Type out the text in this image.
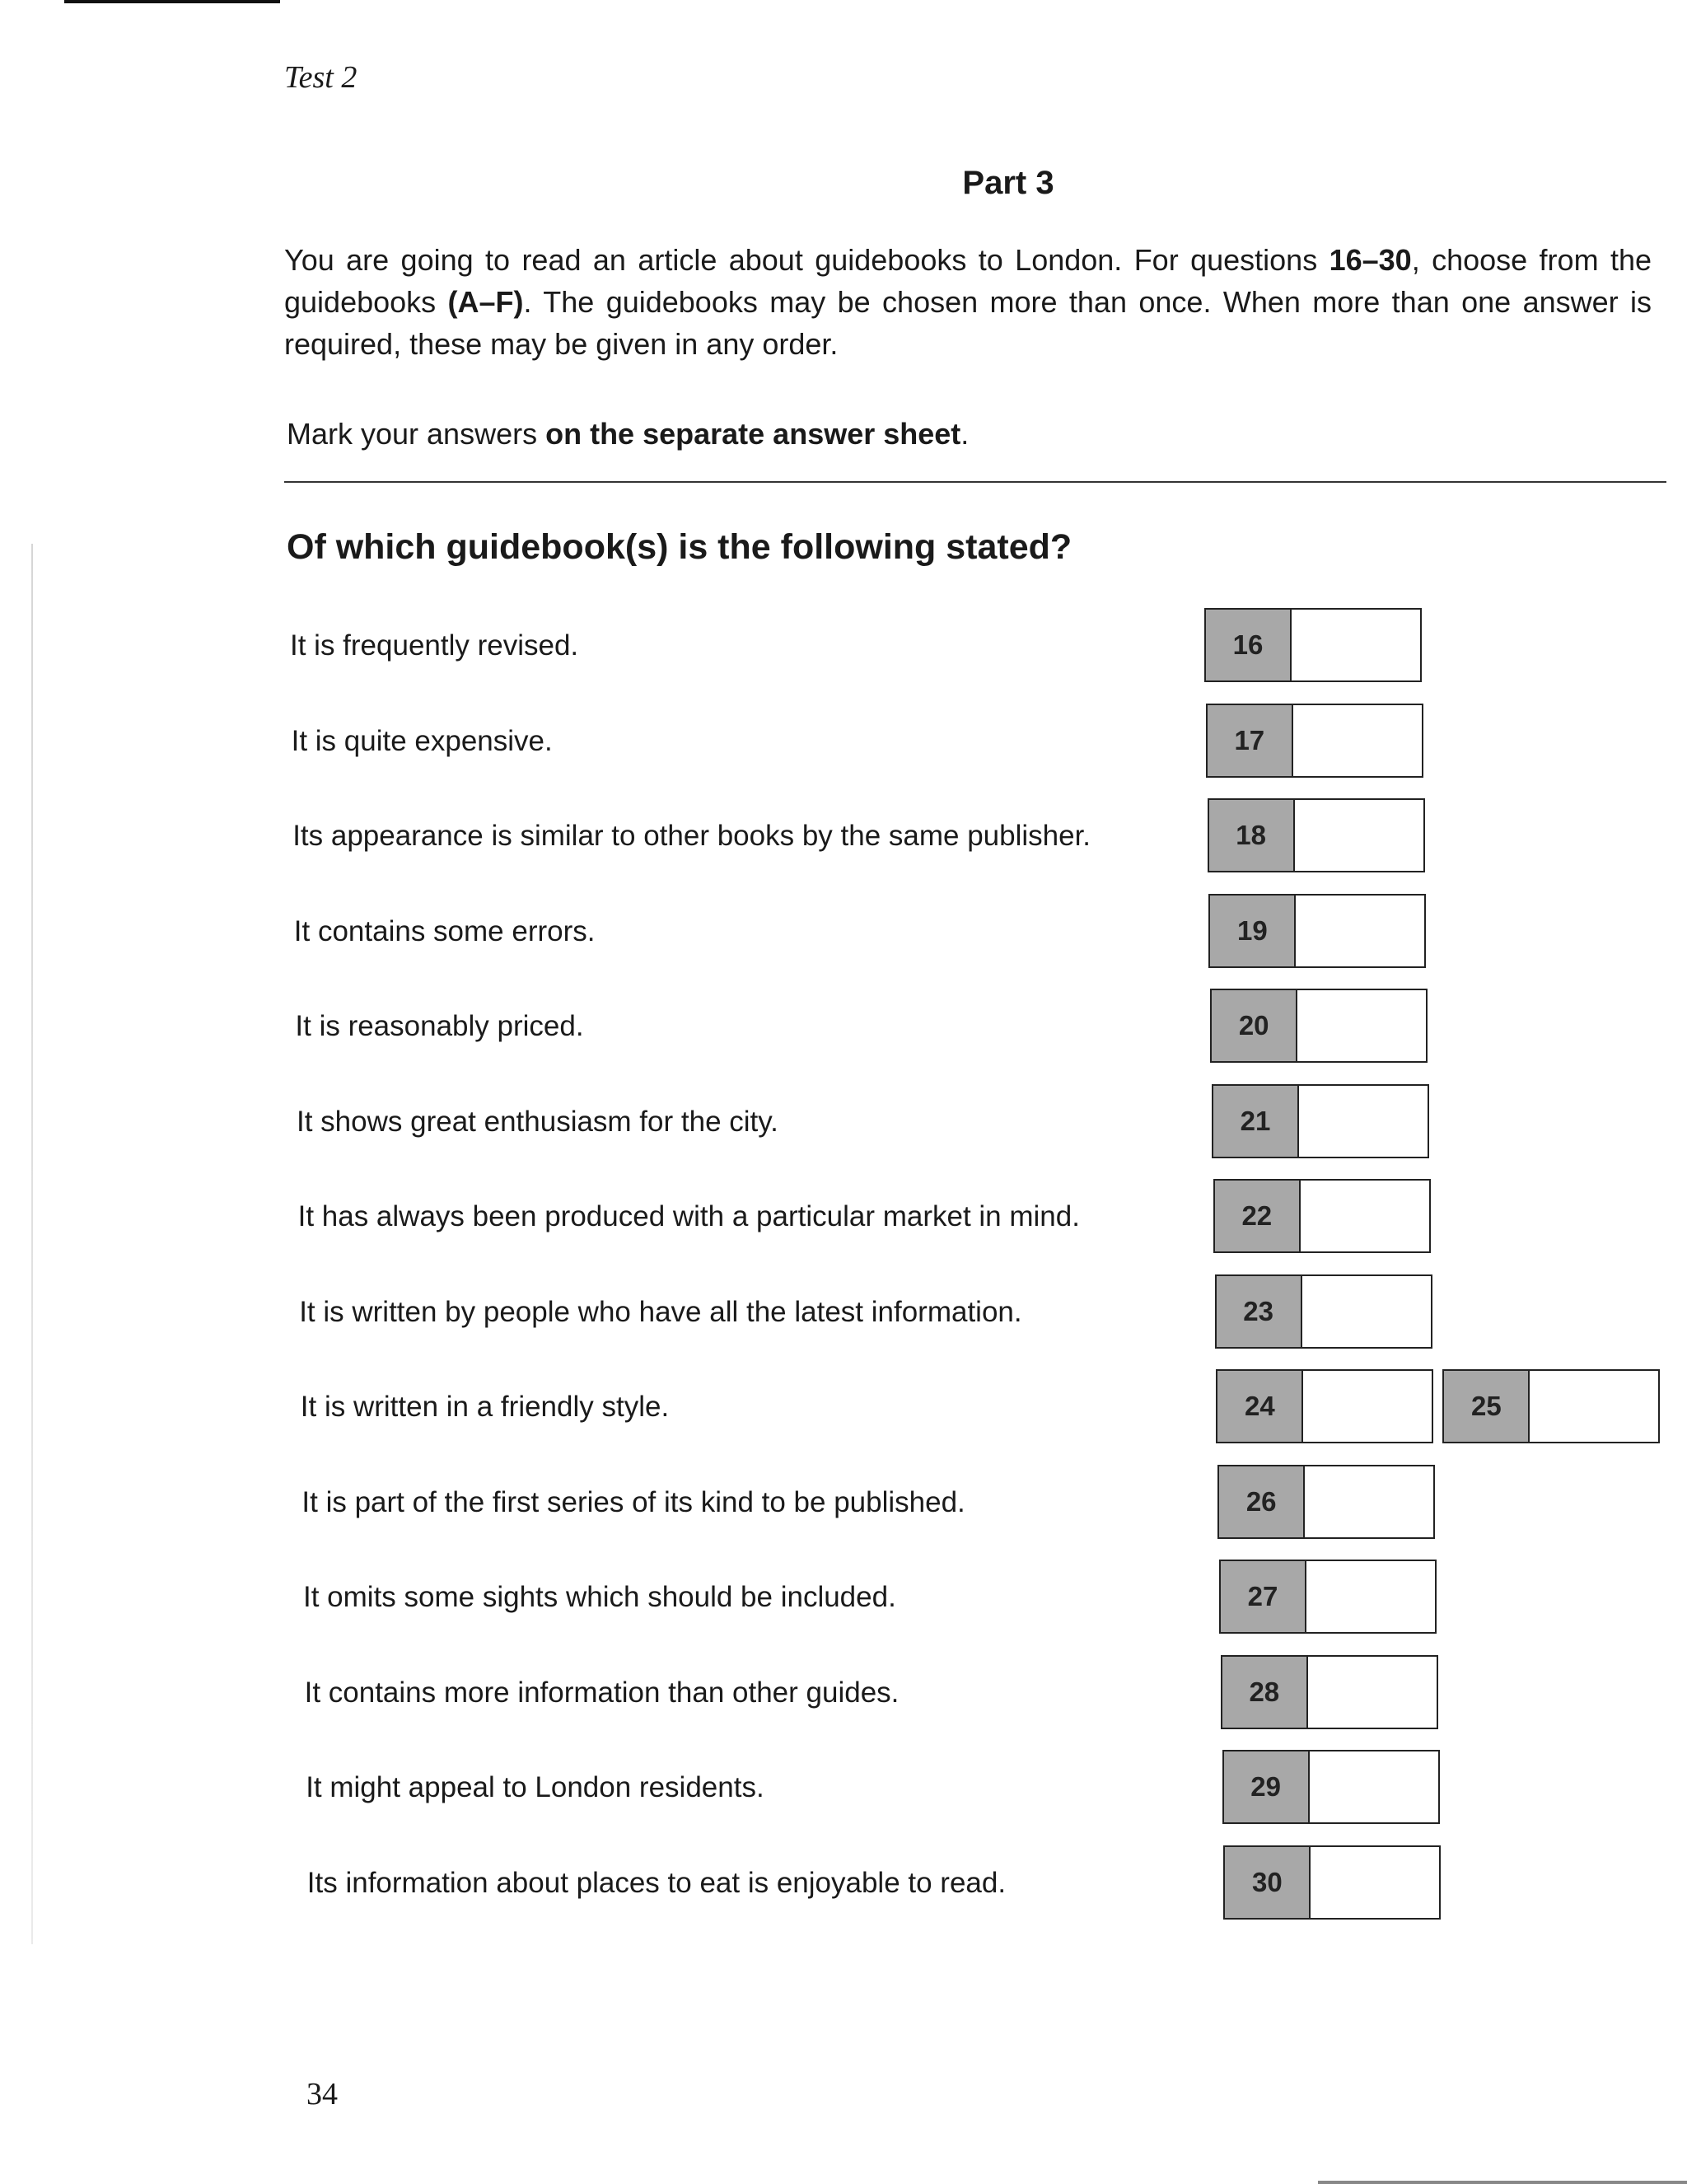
Test 2
Part 3
You are going to read an article about guidebooks to London. For questions 16–30, choose from the guidebooks (A–F). The guidebooks may be chosen more than once. When more than one answer is required, these may be given in any order.
Mark your answers on the separate answer sheet.
Of which guidebook(s) is the following stated?
It is frequently revised.	16
It is quite expensive.	17
Its appearance is similar to other books by the same publisher.	18
It contains some errors.	19
It is reasonably priced.	20
It shows great enthusiasm for the city.	21
It has always been produced with a particular market in mind.	22
It is written by people who have all the latest information.	23
It is written in a friendly style.	24	25
It is part of the first series of its kind to be published.	26
It omits some sights which should be included.	27
It contains more information than other guides.	28
It might appeal to London residents.	29
Its information about places to eat is enjoyable to read.	30
34
